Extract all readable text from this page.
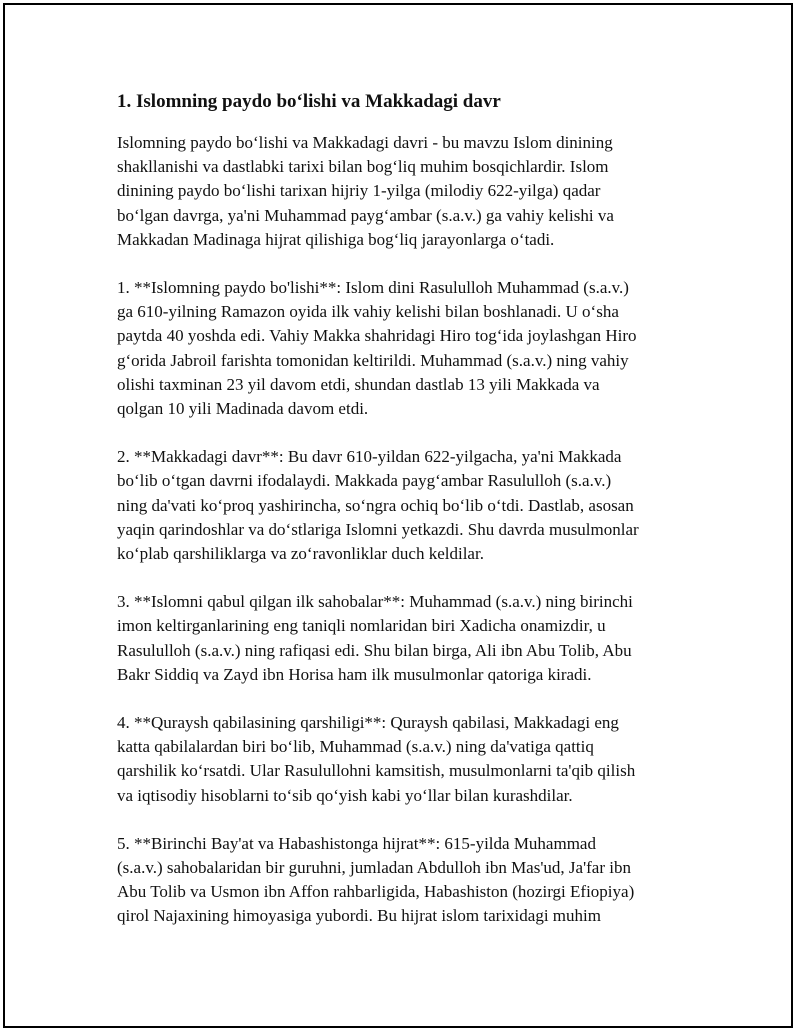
1. Islomning paydo boʻlishi va Makkadagi davr
Islomning paydo boʻlishi va Makkadagi davri - bu mavzu Islom dinining
shakllanishi va dastlabki tarixi bilan bogʻliq muhim bosqichlardir. Islom
dinining paydo boʻlishi tarixan hijriy 1-yilga (milodiy 622-yilga) qadar
boʻlgan davrga, ya'ni Muhammad paygʻambar (s.a.v.) ga vahiy kelishi va
Makkadan Madinaga hijrat qilishiga bogʻliq jarayonlarga oʻtadi.
1. **Islomning paydo bo'lishi**: Islom dini Rasululloh Muhammad (s.a.v.)
ga 610-yilning Ramazon oyida ilk vahiy kelishi bilan boshlanadi. U oʻsha
paytda 40 yoshda edi. Vahiy Makka shahridagi Hiro togʻida joylashgan Hiro
gʻorida Jabroil farishta tomonidan keltirildi. Muhammad (s.a.v.) ning vahiy
olishi taxminan 23 yil davom etdi, shundan dastlab 13 yili Makkada va
qolgan 10 yili Madinada davom etdi.
2. **Makkadagi davr**: Bu davr 610-yildan 622-yilgacha, ya'ni Makkada
boʻlib oʻtgan davrni ifodalaydi. Makkada paygʻambar Rasululloh (s.a.v.)
ning da'vati koʻproq yashirincha, soʻngra ochiq boʻlib oʻtdi. Dastlab, asosan
yaqin qarindoshlar va doʻstlariga Islomni yetkazdi. Shu davrda musulmonlar
koʻplab qarshiliklarga va zoʻravonliklar duch keldilar.
3. **Islomni qabul qilgan ilk sahobalar**: Muhammad (s.a.v.) ning birinchi
imon keltirganlarining eng taniqli nomlaridan biri Xadicha onamizdir, u
Rasululloh (s.a.v.) ning rafiqasi edi. Shu bilan birga, Ali ibn Abu Tolib, Abu
Bakr Siddiq va Zayd ibn Horisa ham ilk musulmonlar qatoriga kiradi.
4. **Quraysh qabilasining qarshiligi**: Quraysh qabilasi, Makkadagi eng
katta qabilalardan biri boʻlib, Muhammad (s.a.v.) ning da'vatiga qattiq
qarshilik koʻrsatdi. Ular Rasulullohni kamsitish, musulmonlarni ta'qib qilish
va iqtisodiy hisoblarni toʻsib qoʻyish kabi yoʻllar bilan kurashdilar.
5. **Birinchi Bay'at va Habashistonga hijrat**: 615-yilda Muhammad
(s.a.v.) sahobalaridan bir guruhni, jumladan Abdulloh ibn Mas'ud, Ja'far ibn
Abu Tolib va Usmon ibn Affon rahbarligida, Habashiston (hozirgi Efiopiya)
qirol Najaxining himoyasiga yubordi. Bu hijrat islom tarixidagi muhim
